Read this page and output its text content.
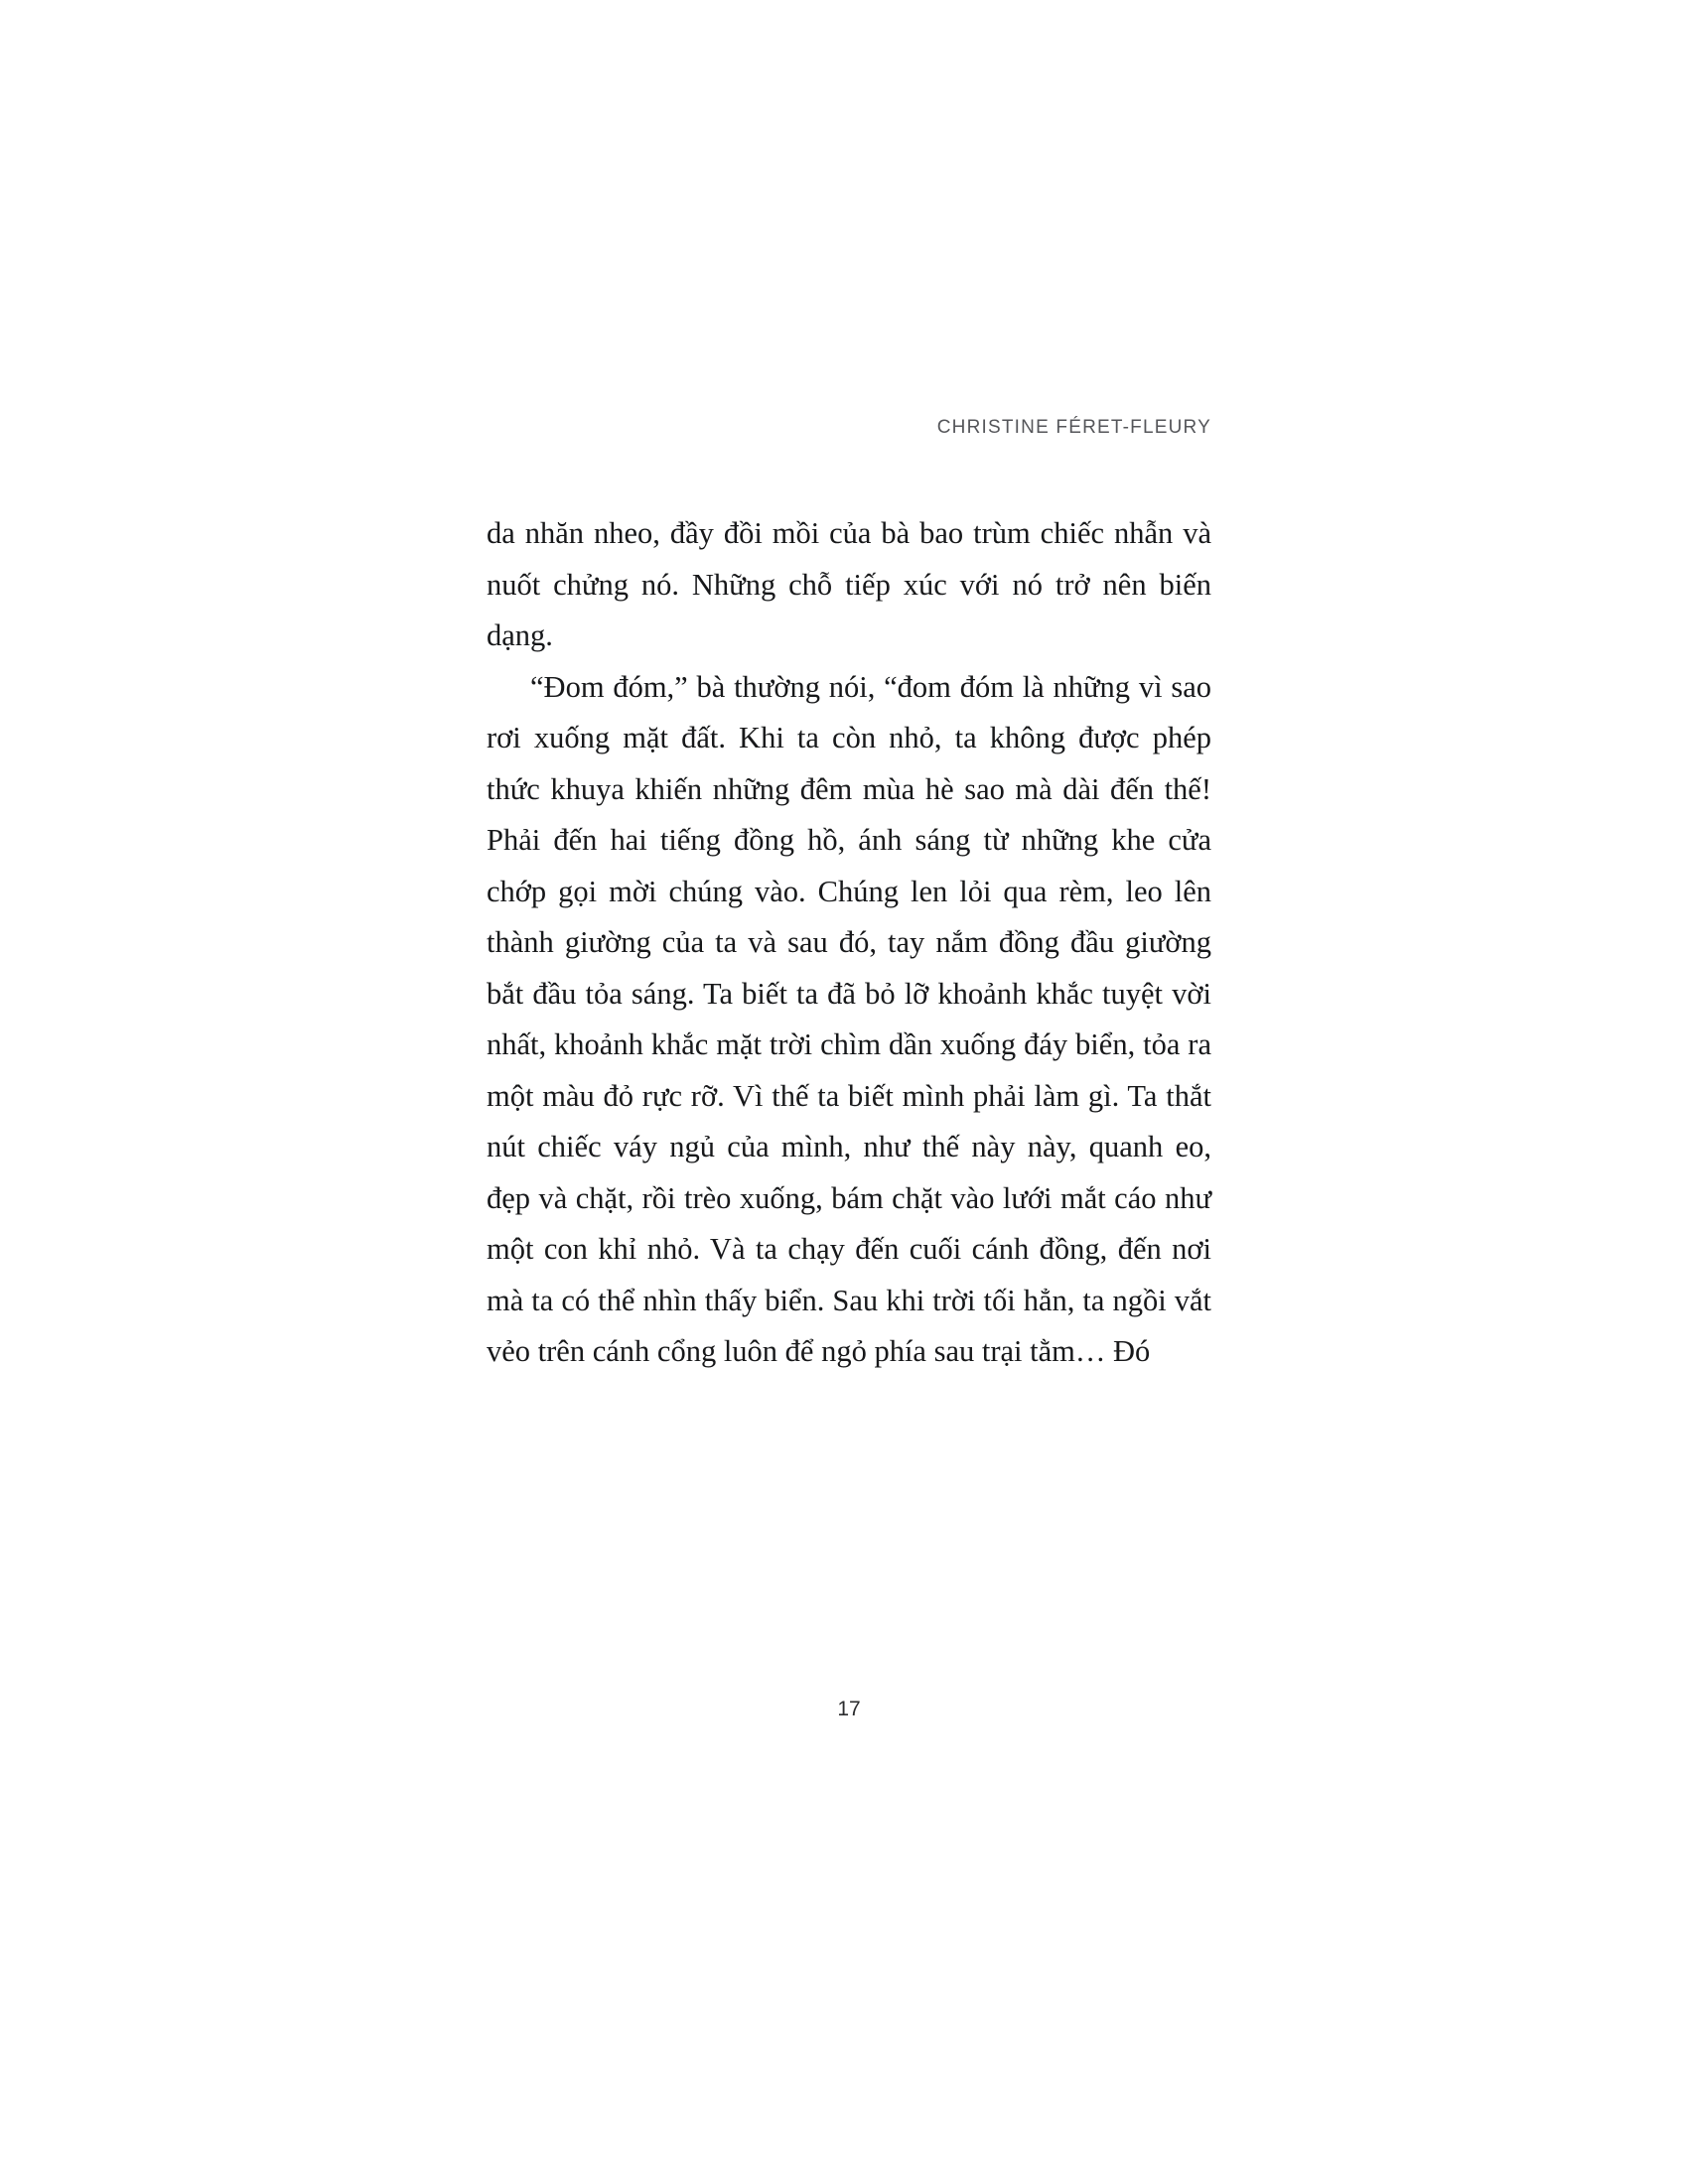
CHRISTINE FÉRET-FLEURY

da nhăn nheo, đầy đồi mồi của bà bao trùm chiếc nhẫn và nuốt chửng nó. Những chỗ tiếp xúc với nó trở nên biến dạng.

“Đom đóm,” bà thường nói, “đom đóm là những vì sao rơi xuống mặt đất. Khi ta còn nhỏ, ta không được phép thức khuya khiến những đêm mùa hè sao mà dài đến thế! Phải đến hai tiếng đồng hồ, ánh sáng từ những khe cửa chớp gọi mời chúng vào. Chúng len lỏi qua rèm, leo lên thành giường của ta và sau đó, tay nắm đồng đầu giường bắt đầu tỏa sáng. Ta biết ta đã bỏ lỡ khoảnh khắc tuyệt vời nhất, khoảnh khắc mặt trời chìm dần xuống đáy biển, tỏa ra một màu đỏ rực rỡ. Vì thế ta biết mình phải làm gì. Ta thắt nút chiếc váy ngủ của mình, như thế này này, quanh eo, đẹp và chặt, rồi trèo xuống, bám chặt vào lưới mắt cáo như một con khỉ nhỏ. Và ta chạy đến cuối cánh đồng, đến nơi mà ta có thể nhìn thấy biển. Sau khi trời tối hẳn, ta ngồi vắt vẻo trên cánh cổng luôn để ngỏ phía sau trại tằm… Đó

17
